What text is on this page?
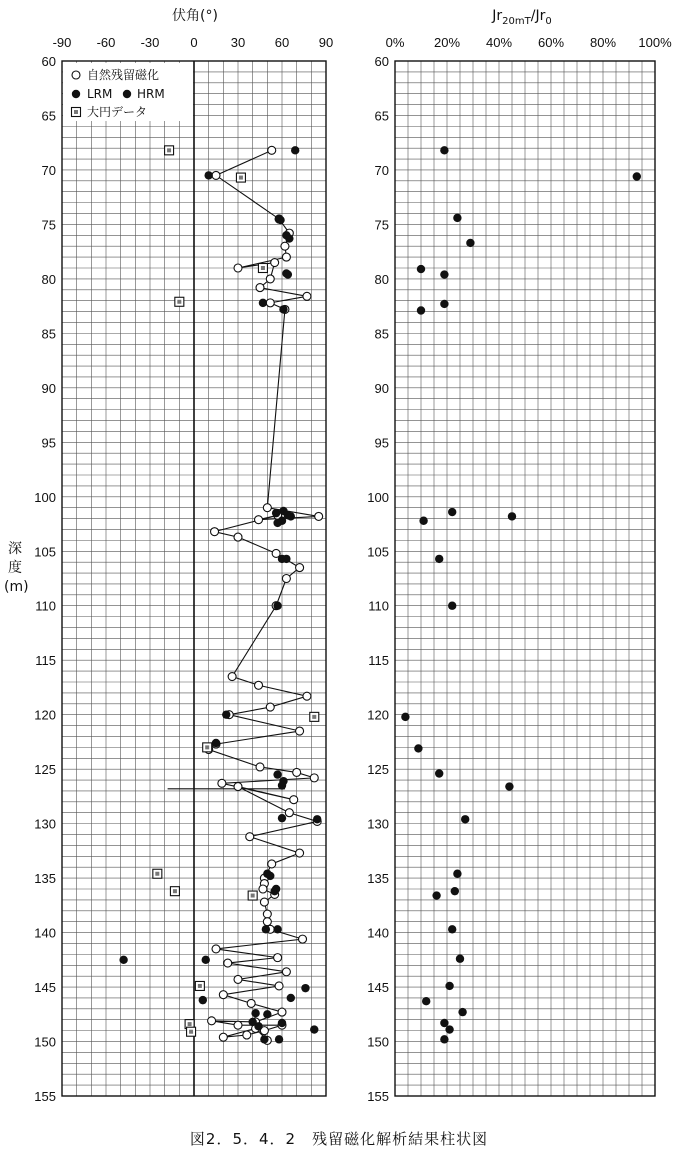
伏角(°)
-90 -60 -30 0	30 60 90
60
65
70
75
80
85
90
95
100
105
110
115
120
125
130
135
140
145
150
155
自然残留磁化
LRM HRM
大円データ
$Jr_{20mT}/Jr_0$
0% 20% 40% 60% 80% 100%
60
65
70
75
80
85
90
95
100
105
110
115
120
125
130
135
140
145
150
155
深
度
(m)
図2．5．4．2　残留磁化解析結果柱状図
